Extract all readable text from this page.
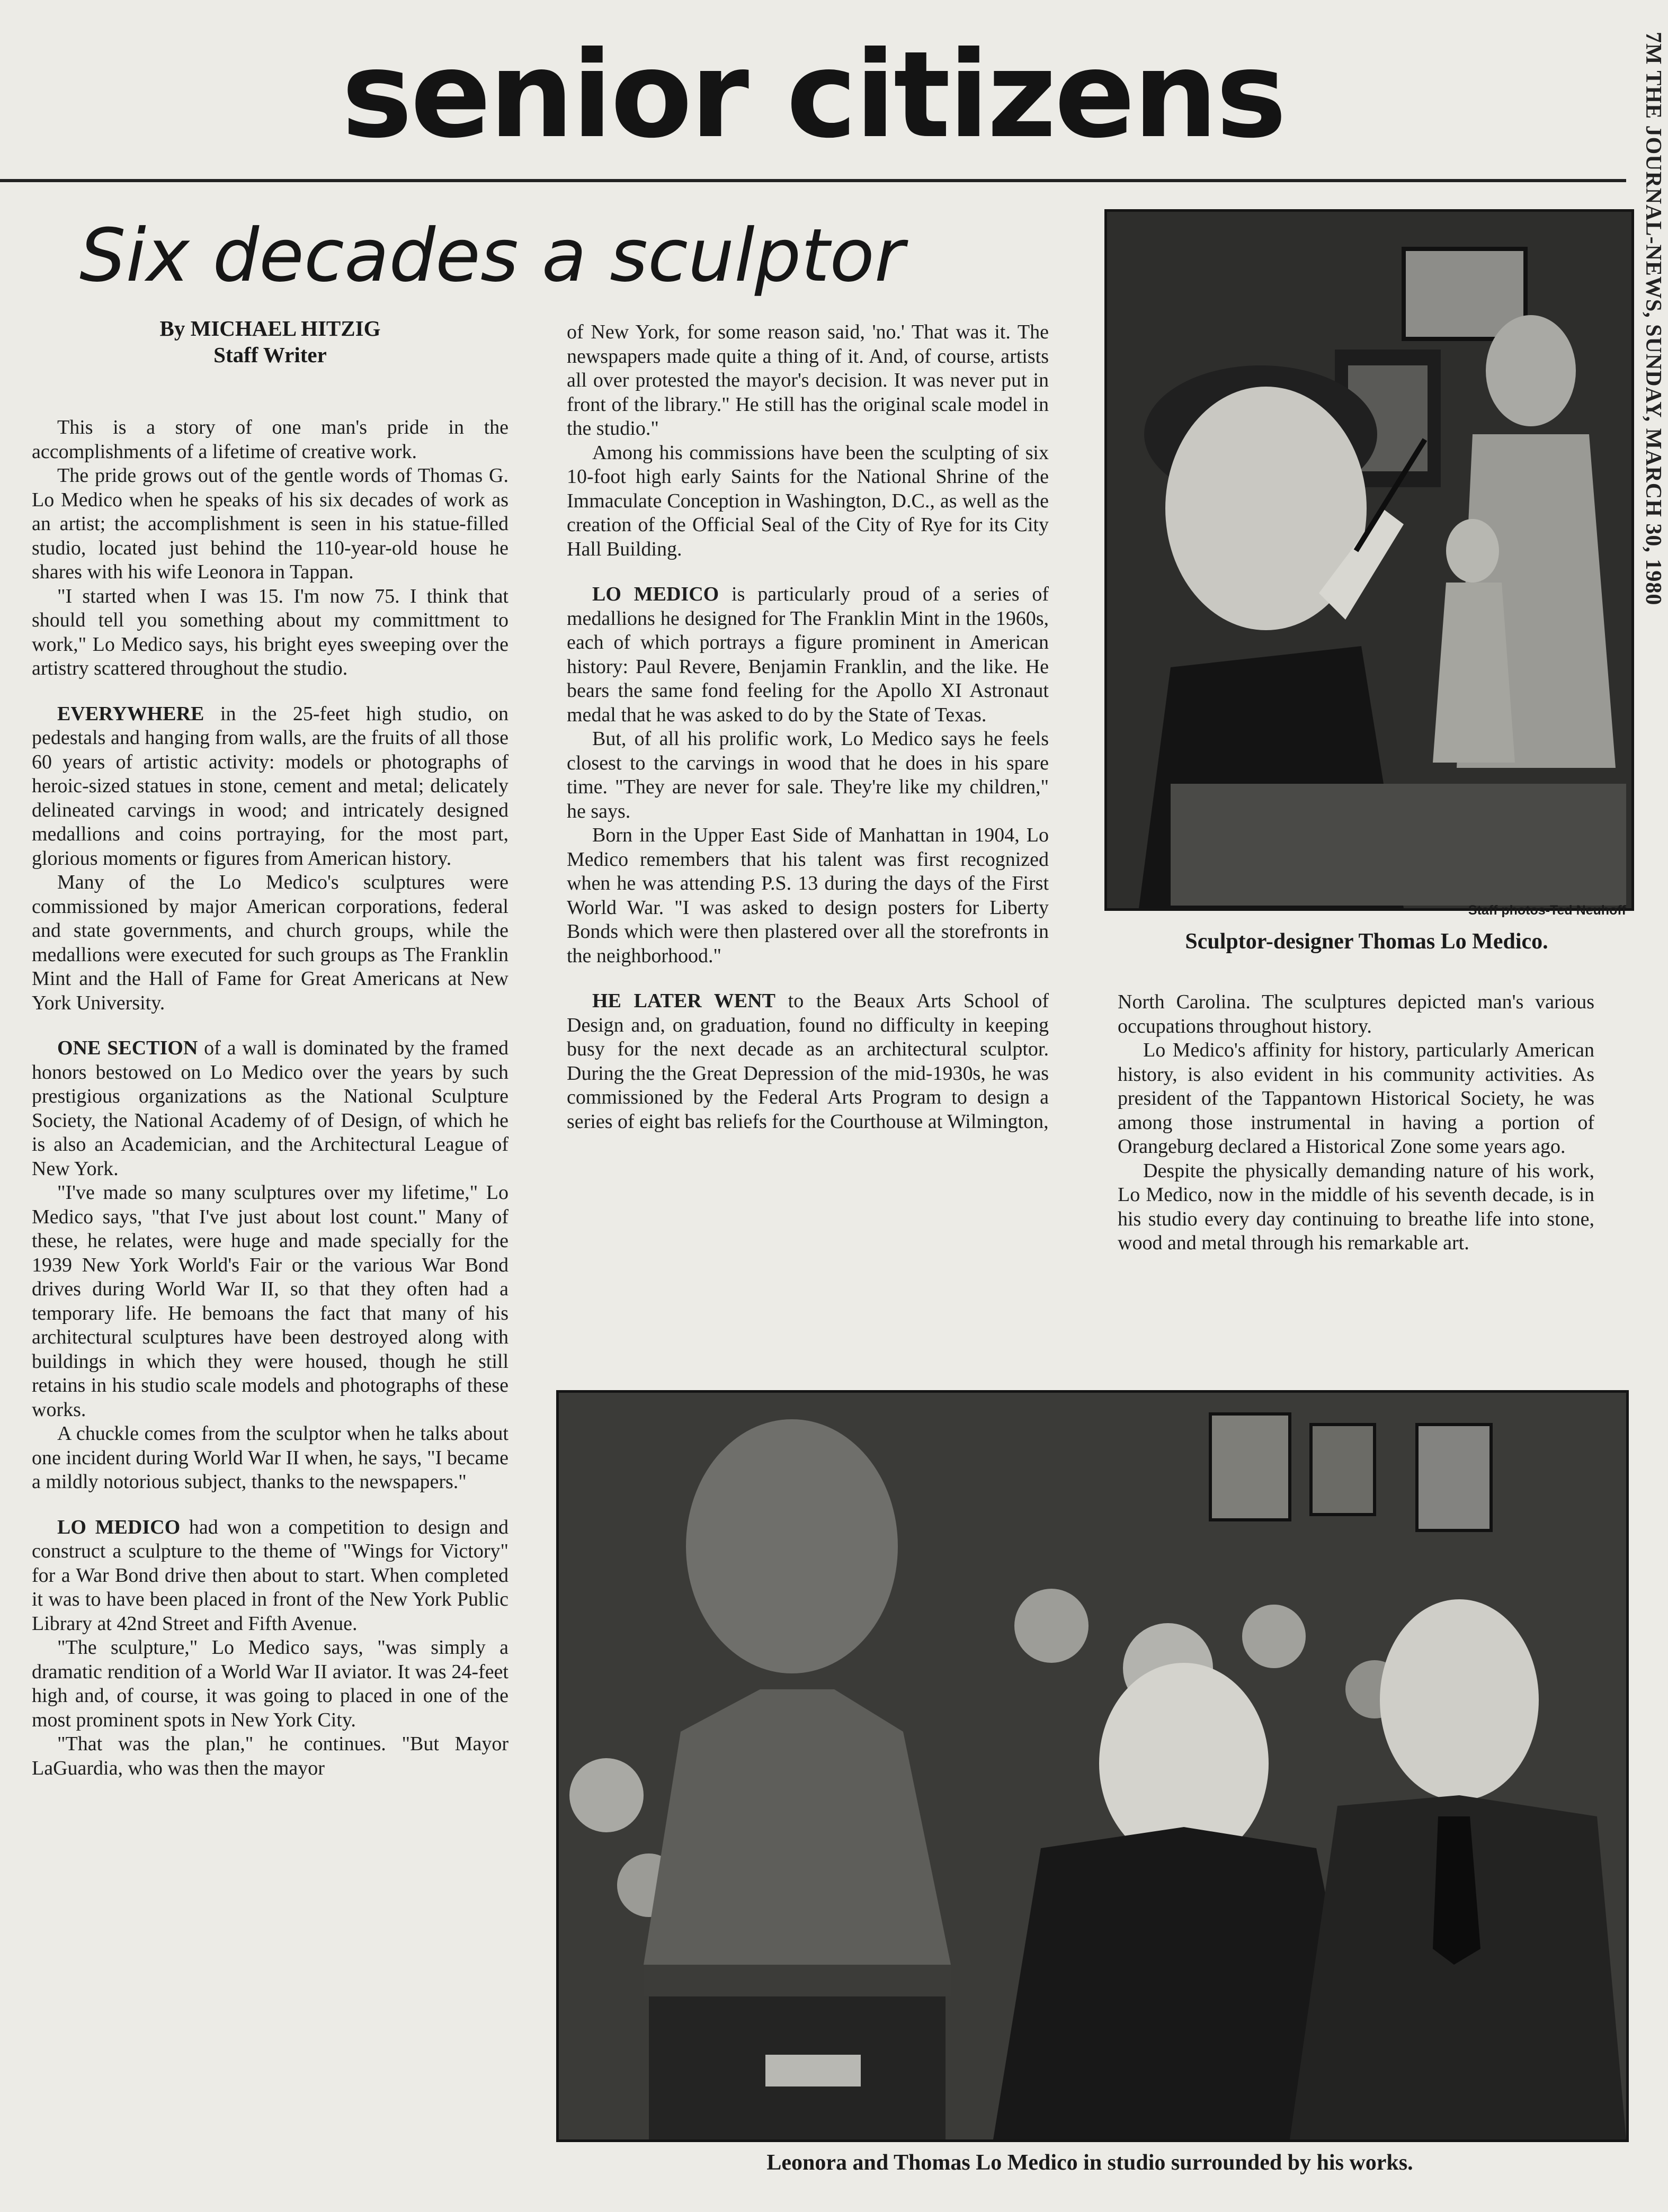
senior citizens	7M THE JOURNAL-NEWS, SUNDAY, MARCH 30, 1980
Six decades a sculptor
By MICHAEL HITZIG
Staff Writer

This is a story of one man's pride in the accomplishments of a lifetime of creative work.

The pride grows out of the gentle words of Thomas G. Lo Medico when he speaks of his six decades of work as an artist; the accomplishment is seen in his statue-filled studio, located just behind the 110-year-old house he shares with his wife Leonora in Tappan.

"I started when I was 15. I'm now 75. I think that should tell you something about my committment to work," Lo Medico says, his bright eyes sweeping over the artistry scattered throughout the studio.

EVERYWHERE in the 25-feet high studio, on pedestals and hanging from walls, are the fruits of all those 60 years of artistic activity: models or photographs of heroic-sized statues in stone, cement and metal; delicately delineated carvings in wood; and intricately designed medallions and coins portraying, for the most part, glorious moments or figures from American history.

Many of the Lo Medico's sculptures were commissioned by major American corporations, federal and state governments, and church groups, while the medallions were executed for such groups as The Franklin Mint and the Hall of Fame for Great Americans at New York University.

ONE SECTION of a wall is dominated by the framed honors bestowed on Lo Medico over the years by such prestigious organizations as the National Sculpture Society, the National Academy of of Design, of which he is also an Academician, and the Architectural League of New York.

"I've made so many sculptures over my lifetime," Lo Medico says, "that I've just about lost count." Many of these, he relates, were huge and made specially for the 1939 New York World's Fair or the various War Bond drives during World War II, so that they often had a temporary life. He bemoans the fact that many of his architectural sculptures have been destroyed along with buildings in which they were housed, though he still retains in his studio scale models and photographs of these works.

A chuckle comes from the sculptor when he talks about one incident during World War II when, he says, "I became a mildly notorious subject, thanks to the newspapers."

LO MEDICO had won a competition to design and construct a sculpture to the theme of "Wings for Victory" for a War Bond drive then about to start. When completed it was to have been placed in front of the New York Public Library at 42nd Street and Fifth Avenue.

"The sculpture," Lo Medico says, "was simply a dramatic rendition of a World War II aviator. It was 24-feet high and, of course, it was going to placed in one of the most prominent spots in New York City.

"That was the plan," he continues. "But Mayor LaGuardia, who was then the mayor

of New York, for some reason said, 'no.' That was it. The newspapers made quite a thing of it. And, of course, artists all over protested the mayor's decision. It was never put in front of the library." He still has the original scale model in the studio."

Among his commissions have been the sculpting of six 10-foot high early Saints for the National Shrine of the Immaculate Conception in Washington, D.C., as well as the creation of the Official Seal of the City of Rye for its City Hall Building.

LO MEDICO is particularly proud of a series of medallions he designed for The Franklin Mint in the 1960s, each of which portrays a figure prominent in American history: Paul Revere, Benjamin Franklin, and the like. He bears the same fond feeling for the Apollo XI Astronaut medal that he was asked to do by the State of Texas.

But, of all his prolific work, Lo Medico says he feels closest to the carvings in wood that he does in his spare time. "They are never for sale. They're like my children," he says.

Born in the Upper East Side of Manhattan in 1904, Lo Medico remembers that his talent was first recognized when he was attending P.S. 13 during the days of the First World War. "I was asked to design posters for Liberty Bonds which were then plastered over all the storefronts in the neighborhood."

HE LATER WENT to the Beaux Arts School of Design and, on graduation, found no difficulty in keeping busy for the next decade as an architectural sculptor. During the the Great Depression of the mid-1930s, he was commissioned by the Federal Arts Program to design a series of eight bas reliefs for the Courthouse at Wilmington,

North Carolina. The sculptures depicted man's various occupations throughout history.

Lo Medico's affinity for history, particularly American history, is also evident in his community activities. As president of the Tappantown Historical Society, he was among those instrumental in having a portion of Orangeburg declared a Historical Zone some years ago.

Despite the physically demanding nature of his work, Lo Medico, now in the middle of his seventh decade, is in his studio every day continuing to breathe life into stone, wood and metal through his remarkable art.

Staff photos-Ted Neuhoff
Sculptor-designer Thomas Lo Medico.
Leonora and Thomas Lo Medico in studio surrounded by his works.
